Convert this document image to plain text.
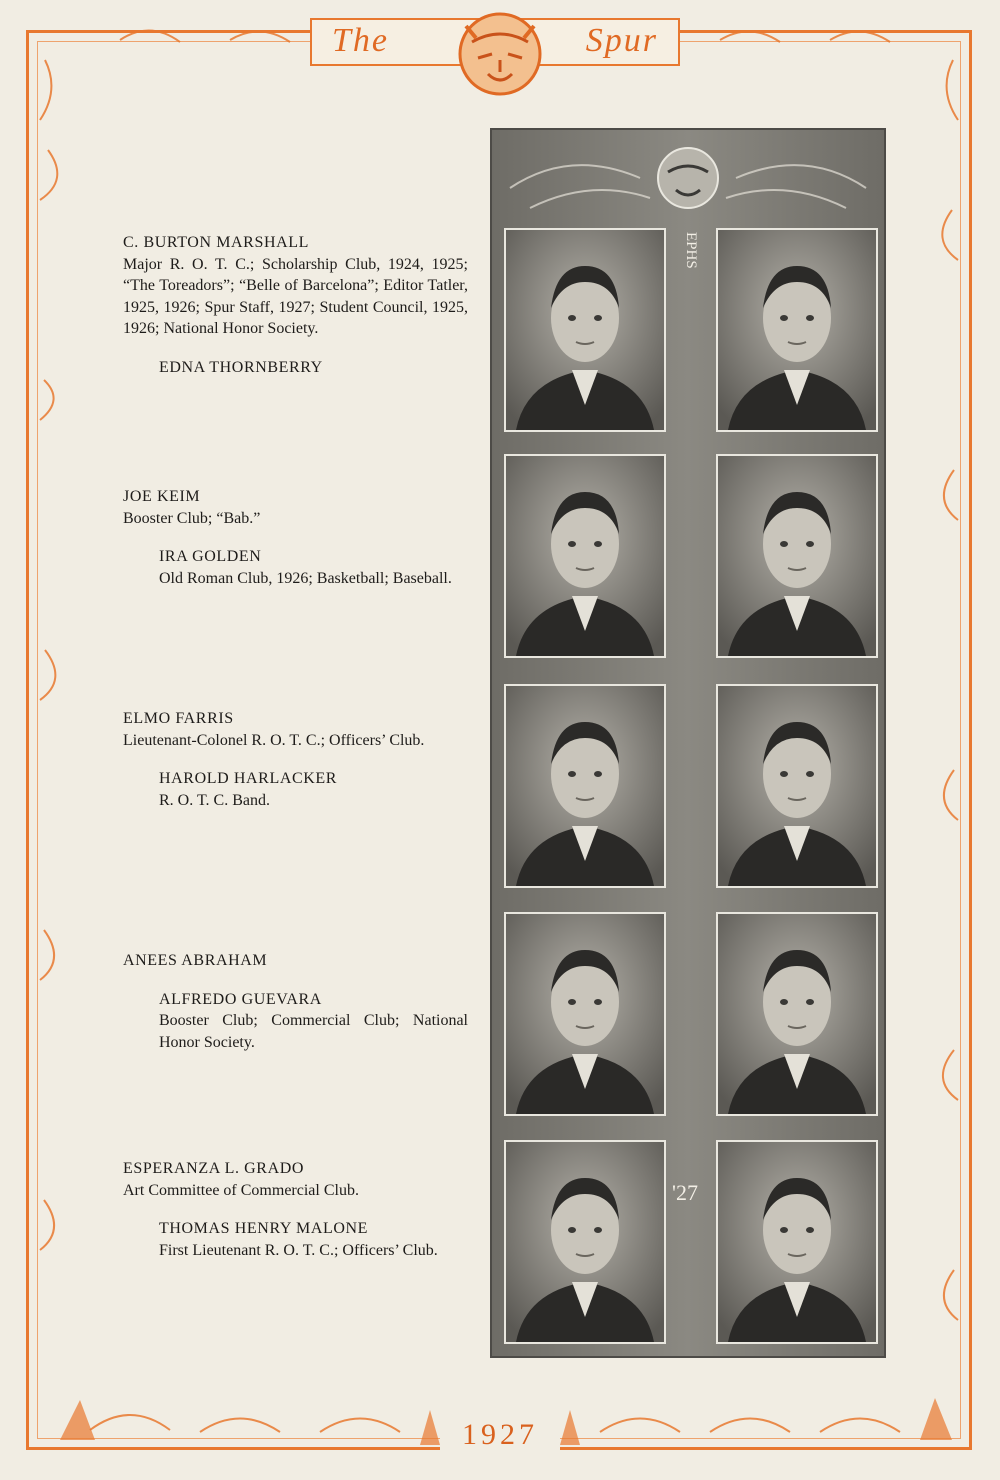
The	Spur
1927
C. BURTON MARSHALL
Major R. O. T. C.; Scholarship Club, 1924, 1925; “The Toreadors”; “Belle of Barcelona”; Editor Tatler, 1925, 1926; Spur Staff, 1927; Student Council, 1925, 1926; National Honor Society.
EDNA THORNBERRY
JOE KEIM
Booster Club; “Bab.”
IRA GOLDEN
Old Roman Club, 1926; Basketball; Baseball.
ELMO FARRIS
Lieutenant-Colonel R. O. T. C.; Officers’ Club.
HAROLD HARLACKER
R. O. T. C. Band.
ANEES ABRAHAM
ALFREDO GUEVARA
Booster Club; Commercial Club; National Honor Society.
ESPERANZA L. GRADO
Art Committee of Commercial Club.
THOMAS HENRY MALONE
First Lieutenant R. O. T. C.; Officers’ Club.
EPHS
'27
